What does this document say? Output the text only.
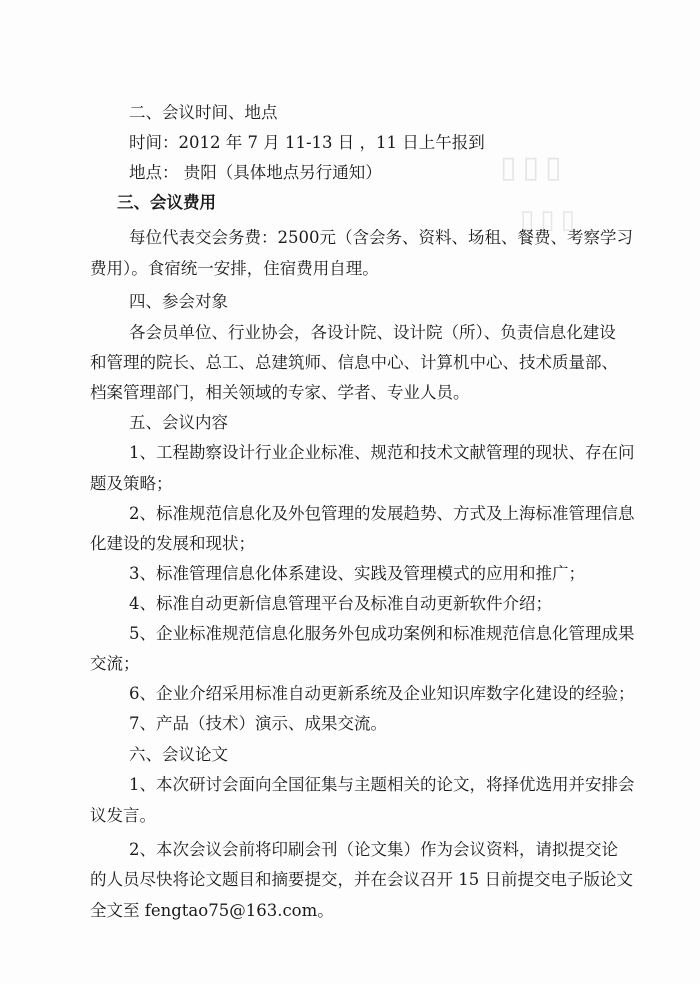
▯▯▯
▯▯▯
二、会议时间、地点
时间：2012 年 7 月 11-13 日 ，11 日上午报到
地点： 贵阳（具体地点另行通知）
三、会议费用
每位代表交会务费：2500元（含会务、资料、场租、餐费、考察学习
费用）。食宿统一安排，住宿费用自理。
四、参会对象
各会员单位、行业协会，各设计院、设计院（所）、负责信息化建设
和管理的院长、总工、总建筑师、信息中心、计算机中心、技术质量部、
档案管理部门，相关领域的专家、学者、专业人员。
五、会议内容
1、工程勘察设计行业企业标准、规范和技术文献管理的现状、存在问
题及策略；
2、标准规范信息化及外包管理的发展趋势、方式及上海标准管理信息
化建设的发展和现状；
3、标准管理信息化体系建设、实践及管理模式的应用和推广；
4、标准自动更新信息管理平台及标准自动更新软件介绍；
5、企业标准规范信息化服务外包成功案例和标准规范信息化管理成果
交流；
6、企业介绍采用标准自动更新系统及企业知识库数字化建设的经验；
7、产品（技术）演示、成果交流。
六、会议论文
1、本次研讨会面向全国征集与主题相关的论文，将择优选用并安排会
议发言。
2、本次会议会前将印刷会刊（论文集）作为会议资料，请拟提交论
的人员尽快将论文题目和摘要提交，并在会议召开 15 日前提交电子版论文
全文至 fengtao75@163.com。
